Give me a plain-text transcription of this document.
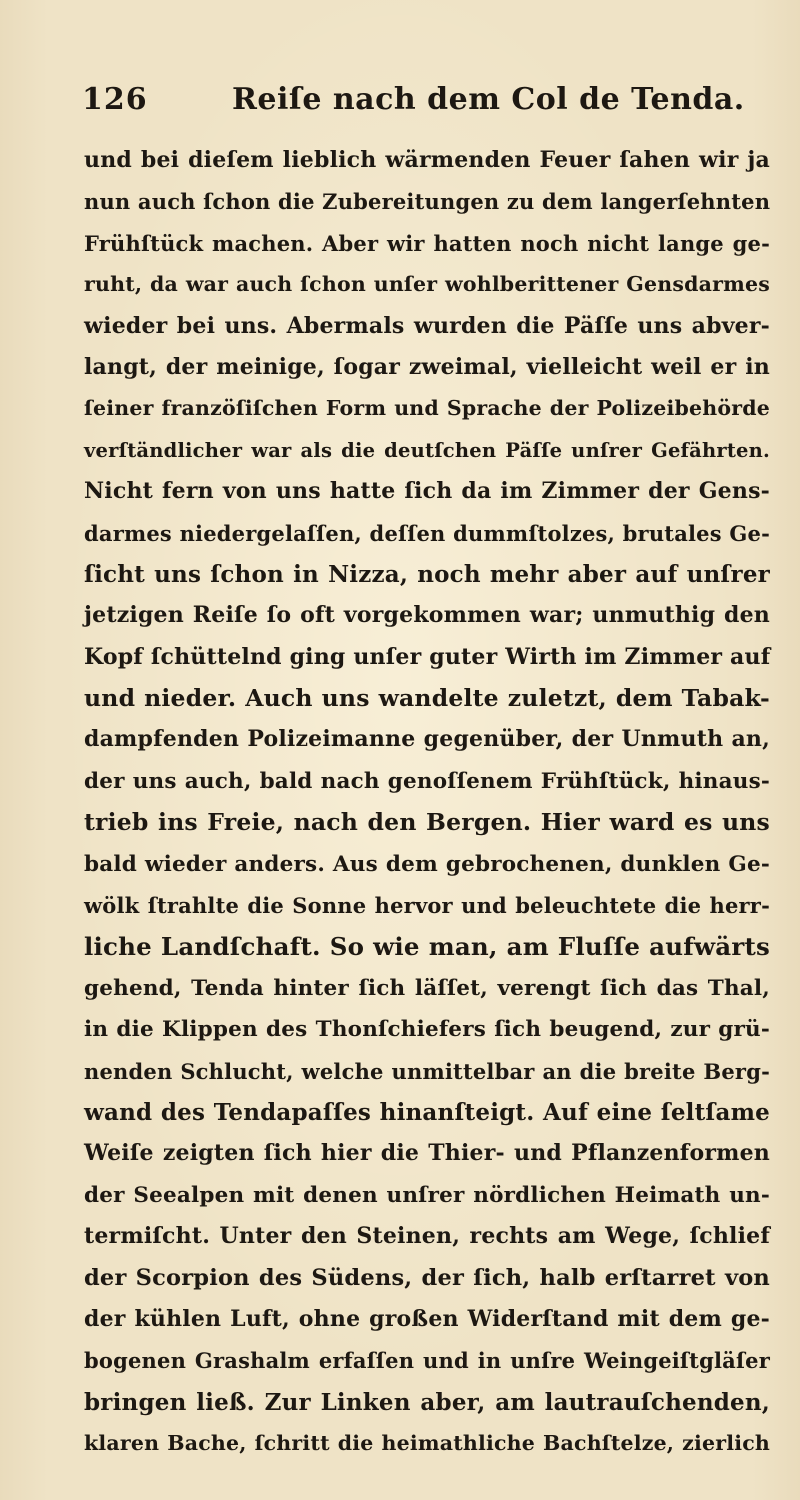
126	Reiſe nach dem Col de Tenda.
und bei dieſem lieblich wärmenden Feuer ſahen wir ja
nun auch ſchon die Zubereitungen zu dem langerſehnten
Frühſtück machen. Aber wir hatten noch nicht lange ge-
ruht, da war auch ſchon unſer wohlberittener Gensdarmes
wieder bei uns. Abermals wurden die Päſſe uns abver-
langt, der meinige, ſogar zweimal, vielleicht weil er in
ſeiner franzöſiſchen Form und Sprache der Polizeibehörde
verſtändlicher war als die deutſchen Päſſe unſrer Gefährten.
Nicht fern von uns hatte ſich da im Zimmer der Gens-
darmes niedergelaſſen, deſſen dummſtolzes, brutales Ge-
ſicht uns ſchon in Nizza, noch mehr aber auf unſrer
jetzigen Reiſe ſo oft vorgekommen war; unmuthig den
Kopf ſchüttelnd ging unſer guter Wirth im Zimmer auf
und nieder. Auch uns wandelte zuletzt, dem Tabak-
dampfenden Polizeimanne gegenüber, der Unmuth an,
der uns auch, bald nach genoſſenem Frühſtück, hinaus-
trieb ins Freie, nach den Bergen. Hier ward es uns
bald wieder anders. Aus dem gebrochenen, dunklen Ge-
wölk ſtrahlte die Sonne hervor und beleuchtete die herr-
liche Landſchaft. So wie man, am Fluſſe aufwärts
gehend, Tenda hinter ſich läſſet, verengt ſich das Thal,
in die Klippen des Thonſchiefers ſich beugend, zur grü-
nenden Schlucht, welche unmittelbar an die breite Berg-
wand des Tendapaſſes hinanſteigt. Auf eine ſeltſame
Weiſe zeigten ſich hier die Thier- und Pflanzenformen
der Seealpen mit denen unſrer nördlichen Heimath un-
termiſcht. Unter den Steinen, rechts am Wege, ſchlief
der Scorpion des Südens, der ſich, halb erſtarret von
der kühlen Luft, ohne großen Widerſtand mit dem ge-
bogenen Grashalm erfaſſen und in unſre Weingeiſtgläſer
bringen ließ. Zur Linken aber, am lautrauſchenden,
klaren Bache, ſchritt die heimathliche Bachſtelze, zierlich
